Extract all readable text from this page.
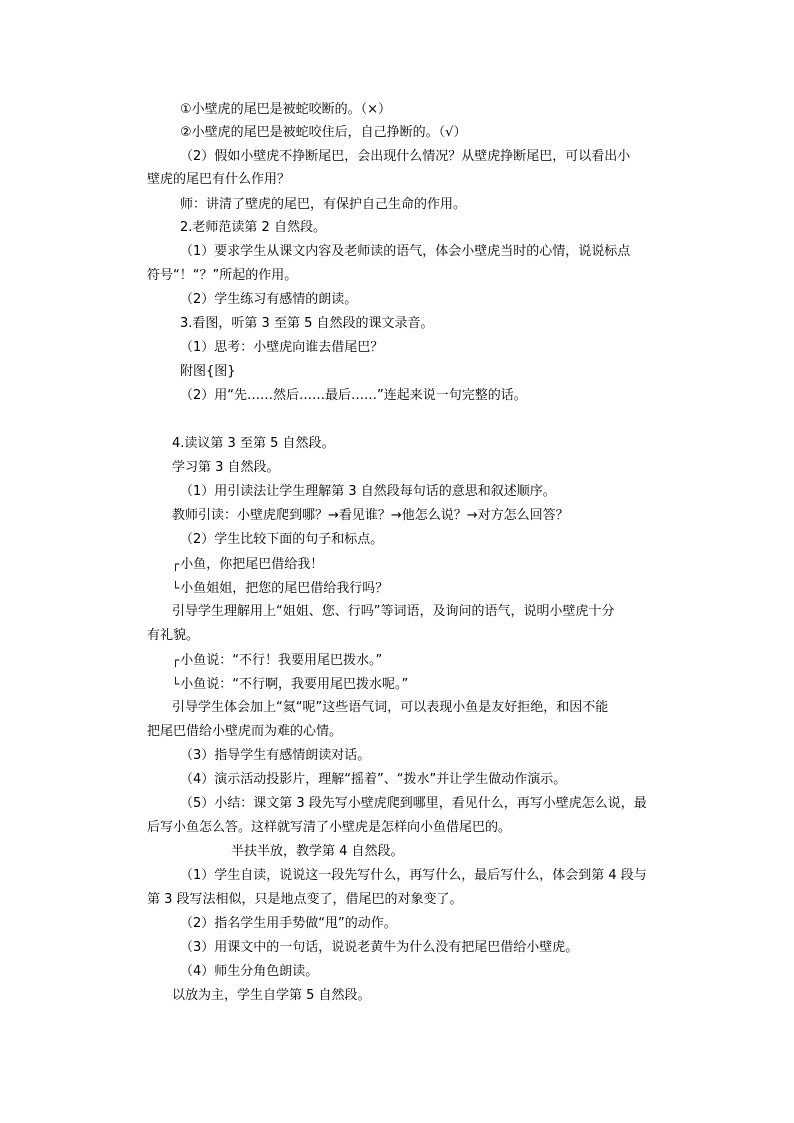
①小壁虎的尾巴是被蛇咬断的。（×）
②小壁虎的尾巴是被蛇咬住后，自己挣断的。（√）
（2）假如小壁虎不挣断尾巴，会出现什么情况？从壁虎挣断尾巴，可以看出小
壁虎的尾巴有什么作用？
师：讲清了壁虎的尾巴，有保护自己生命的作用。
2.老师范读第 2 自然段。
（1）要求学生从课文内容及老师读的语气，体会小壁虎当时的心情，说说标点
符号“！“？”所起的作用。
（2）学生练习有感情的朗读。
3.看图，听第 3 至第 5 自然段的课文录音。
（1）思考：小壁虎向谁去借尾巴？
附图{图}
（2）用“先……然后……最后……”连起来说一句完整的话。
4.读议第 3 至第 5 自然段。
学习第 3 自然段。
（1）用引读法让学生理解第 3 自然段每句话的意思和叙述顺序。
教师引读：小壁虎爬到哪？→看见谁？→他怎么说？→对方怎么回答？
（2）学生比较下面的句子和标点。
┌小鱼，你把尾巴借给我！
└小鱼姐姐，把您的尾巴借给我行吗？
引导学生理解用上“姐姐、您、行吗”等词语，及询问的语气，说明小壁虎十分
有礼貌。
┌小鱼说：“不行！我要用尾巴拨水。”
└小鱼说：“不行啊，我要用尾巴拨水呢。”
引导学生体会加上“氦“呢”这些语气词，可以表现小鱼是友好拒绝，和因不能
把尾巴借给小壁虎而为难的心情。
（3）指导学生有感情朗读对话。
（4）演示活动投影片，理解“摇着”、“拨水”并让学生做动作演示。
（5）小结：课文第 3 段先写小壁虎爬到哪里，看见什么，再写小壁虎怎么说，最
后写小鱼怎么答。这样就写清了小壁虎是怎样向小鱼借尾巴的。
半扶半放，教学第 4 自然段。
（1）学生自读，说说这一段先写什么，再写什么，最后写什么，体会到第 4 段与
第 3 段写法相似，只是地点变了，借尾巴的对象变了。
（2）指名学生用手势做“甩”的动作。
（3）用课文中的一句话，说说老黄牛为什么没有把尾巴借给小壁虎。
（4）师生分角色朗读。
以放为主，学生自学第 5 自然段。
